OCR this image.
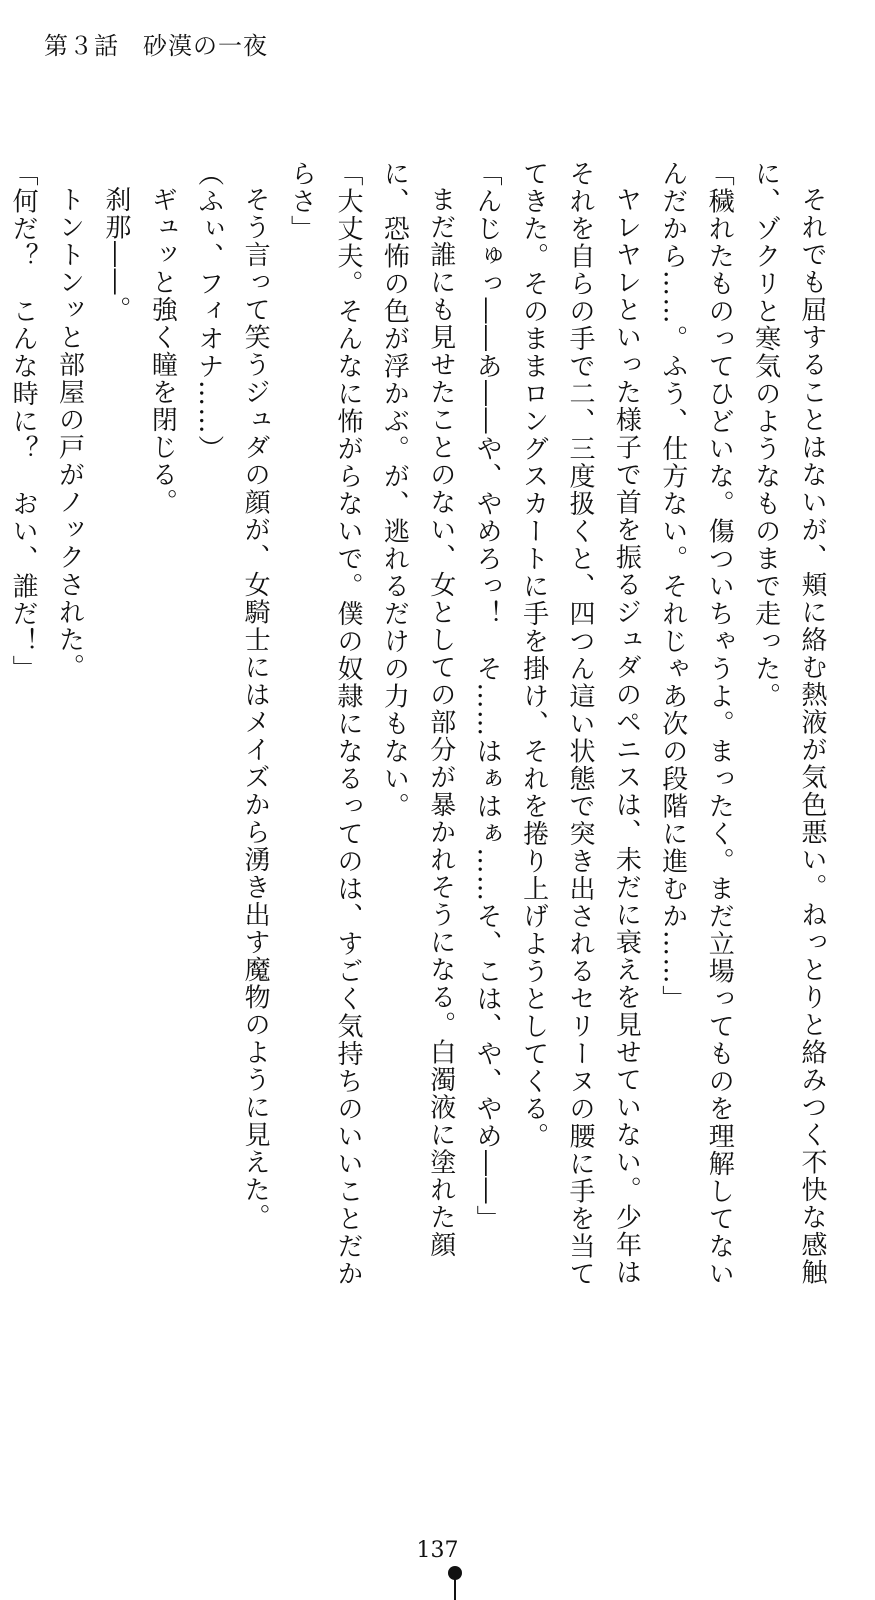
第３話 砂漠の一夜

それでも屈することはないが、頬に絡む熱液が気色悪い。ねっとりと絡みつく不快な感触に、ゾクリと寒気のようなものまで走った。

「穢れたものってひどいな。傷ついちゃうよ。まったく。まだ立場ってものを理解してないんだから……。ふう、仕方ない。それじゃあ次の段階に進むか……」

ヤレヤレといった様子で首を振るジュダのペニスは、未だに衰えを見せていない。少年はそれを自らの手で二、三度扱くと、四つん這い状態で突き出されるセリーヌの腰に手を当ててきた。そのままロングスカートに手を掛け、それを捲り上げようとしてくる。

「んじゅっ――あ――や、やめろっ！　そ……はぁはぁ……そ、こは、や、やめ――」

まだ誰にも見せたことのない、女としての部分が暴かれそうになる。白濁液に塗れた顔に、恐怖の色が浮かぶ。が、逃れるだけの力もない。

「大丈夫。そんなに怖がらないで。僕の奴隷になるってのは、すごく気持ちのいいことだからさ」

そう言って笑うジュダの顔が、女騎士にはメイズから湧き出す魔物のように見えた。

（ふぃ、フィオナ……）

ギュッと強く瞳を閉じる。

刹那――。

トントンッと部屋の戸がノックされた。

「何だ？　こんな時に？　おい、誰だ！」

137
